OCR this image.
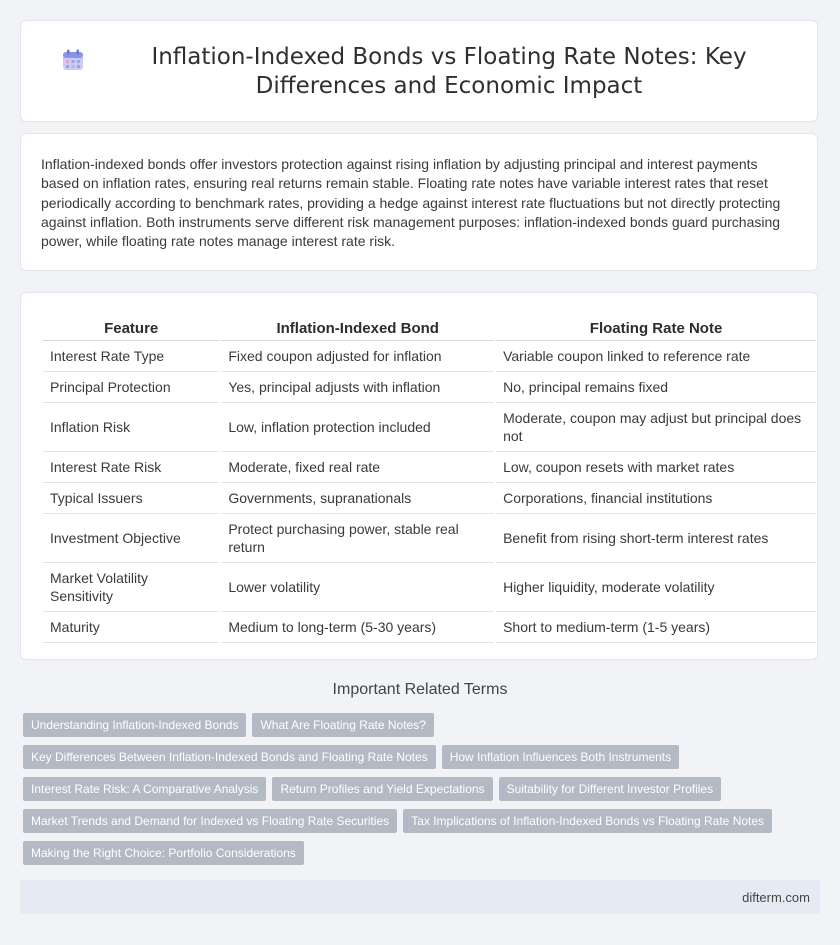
Inflation-Indexed Bonds vs Floating Rate Notes: Key Differences and Economic Impact
Inflation-indexed bonds offer investors protection against rising inflation by adjusting principal and interest payments based on inflation rates, ensuring real returns remain stable. Floating rate notes have variable interest rates that reset periodically according to benchmark rates, providing a hedge against interest rate fluctuations but not directly protecting against inflation. Both instruments serve different risk management purposes: inflation-indexed bonds guard purchasing power, while floating rate notes manage interest rate risk.
Feature	Inflation-Indexed Bond	Floating Rate Note
Interest Rate Type	Fixed coupon adjusted for inflation	Variable coupon linked to reference rate
Principal Protection	Yes, principal adjusts with inflation	No, principal remains fixed
Inflation Risk	Low, inflation protection included	Moderate, coupon may adjust but principal does not
Interest Rate Risk	Moderate, fixed real rate	Low, coupon resets with market rates
Typical Issuers	Governments, supranationals	Corporations, financial institutions
Investment Objective	Protect purchasing power, stable real return	Benefit from rising short-term interest rates
Market Volatility Sensitivity	Lower volatility	Higher liquidity, moderate volatility
Maturity	Medium to long-term (5-30 years)	Short to medium-term (1-5 years)
Important Related Terms
Understanding Inflation-Indexed Bonds	What Are Floating Rate Notes?
Key Differences Between Inflation-Indexed Bonds and Floating Rate Notes	How Inflation Influences Both Instruments
Interest Rate Risk: A Comparative Analysis	Return Profiles and Yield Expectations	Suitability for Different Investor Profiles
Market Trends and Demand for Indexed vs Floating Rate Securities	Tax Implications of Inflation-Indexed Bonds vs Floating Rate Notes
Making the Right Choice: Portfolio Considerations
difterm.com
